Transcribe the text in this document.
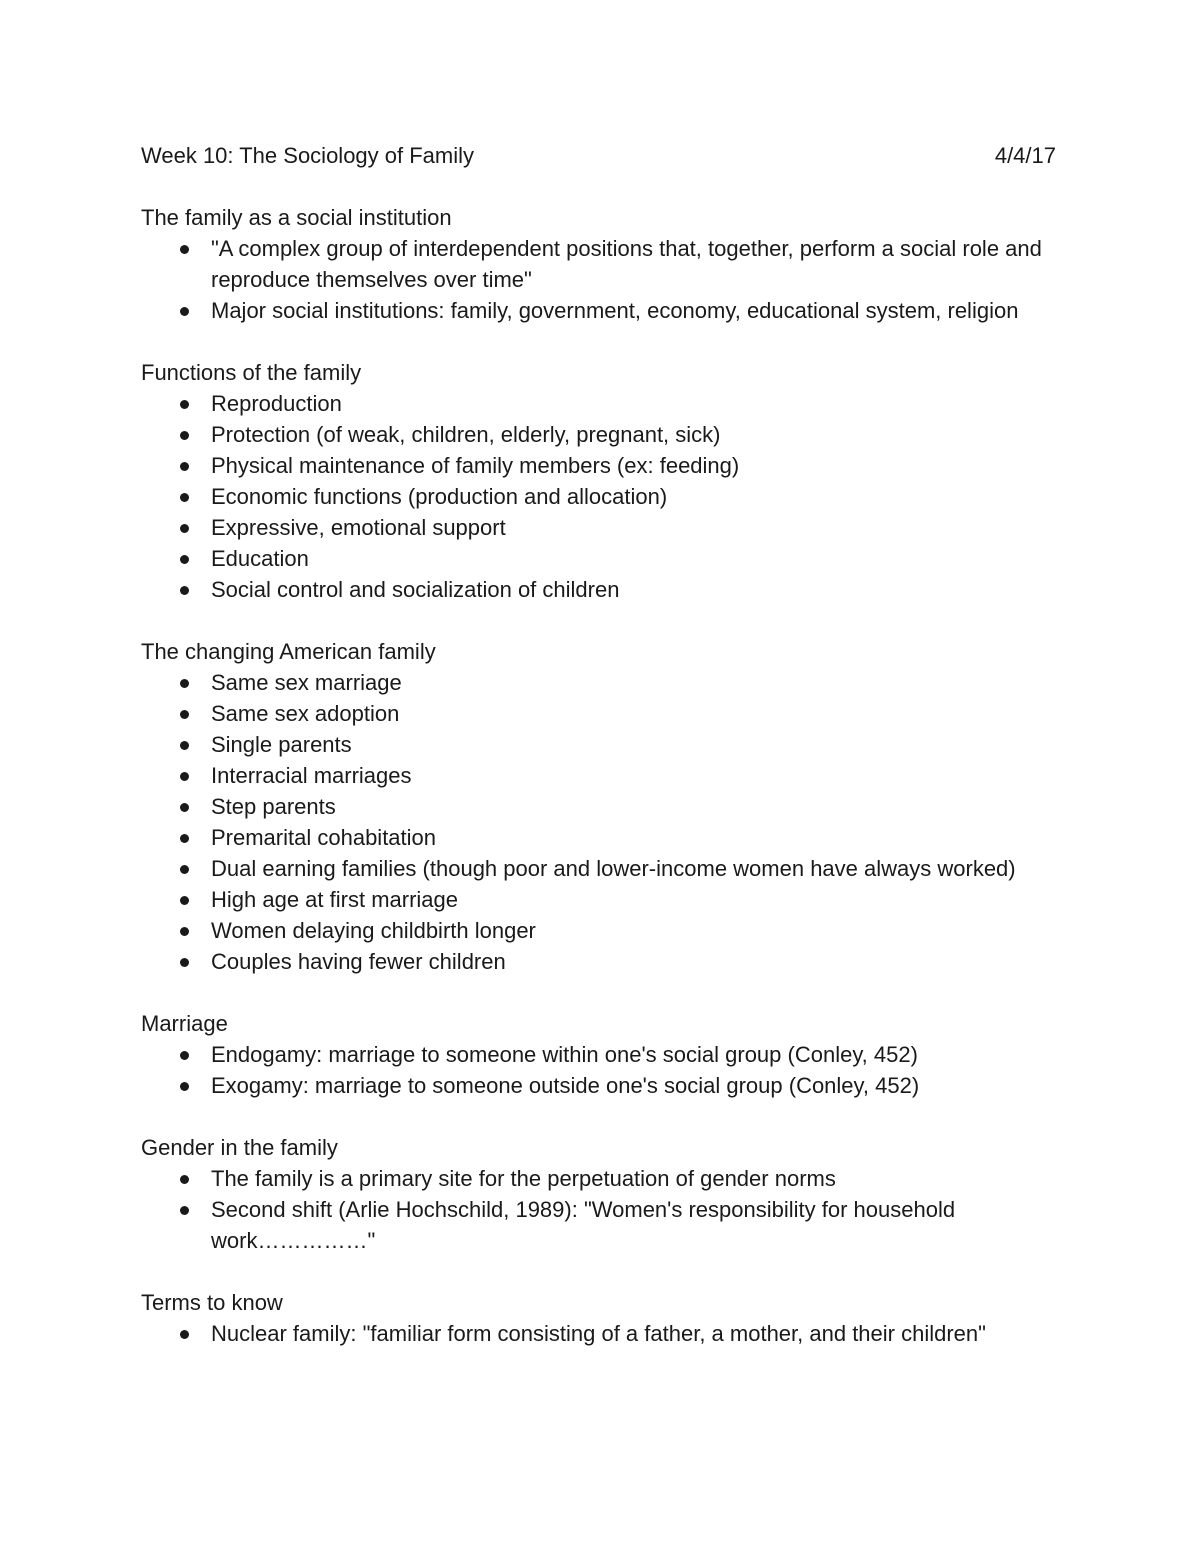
Week 10: The Sociology of Family	4/4/17
The family as a social institution
"A complex group of interdependent positions that, together, perform a social role and reproduce themselves over time"
Major social institutions: family, government, economy, educational system, religion
Functions of the family
Reproduction
Protection (of weak, children, elderly, pregnant, sick)
Physical maintenance of family members (ex: feeding)
Economic functions (production and allocation)
Expressive, emotional support
Education
Social control and socialization of children
The changing American family
Same sex marriage
Same sex adoption
Single parents
Interracial marriages
Step parents
Premarital cohabitation
Dual earning families (though poor and lower-income women have always worked)
High age at first marriage
Women delaying childbirth longer
Couples having fewer children
Marriage
Endogamy: marriage to someone within one's social group (Conley, 452)
Exogamy: marriage to someone outside one's social group (Conley, 452)
Gender in the family
The family is a primary site for the perpetuation of gender norms
Second shift (Arlie Hochschild, 1989): "Women's responsibility for household work……………"
Terms to know
Nuclear family: "familiar form consisting of a father, a mother, and their children"
